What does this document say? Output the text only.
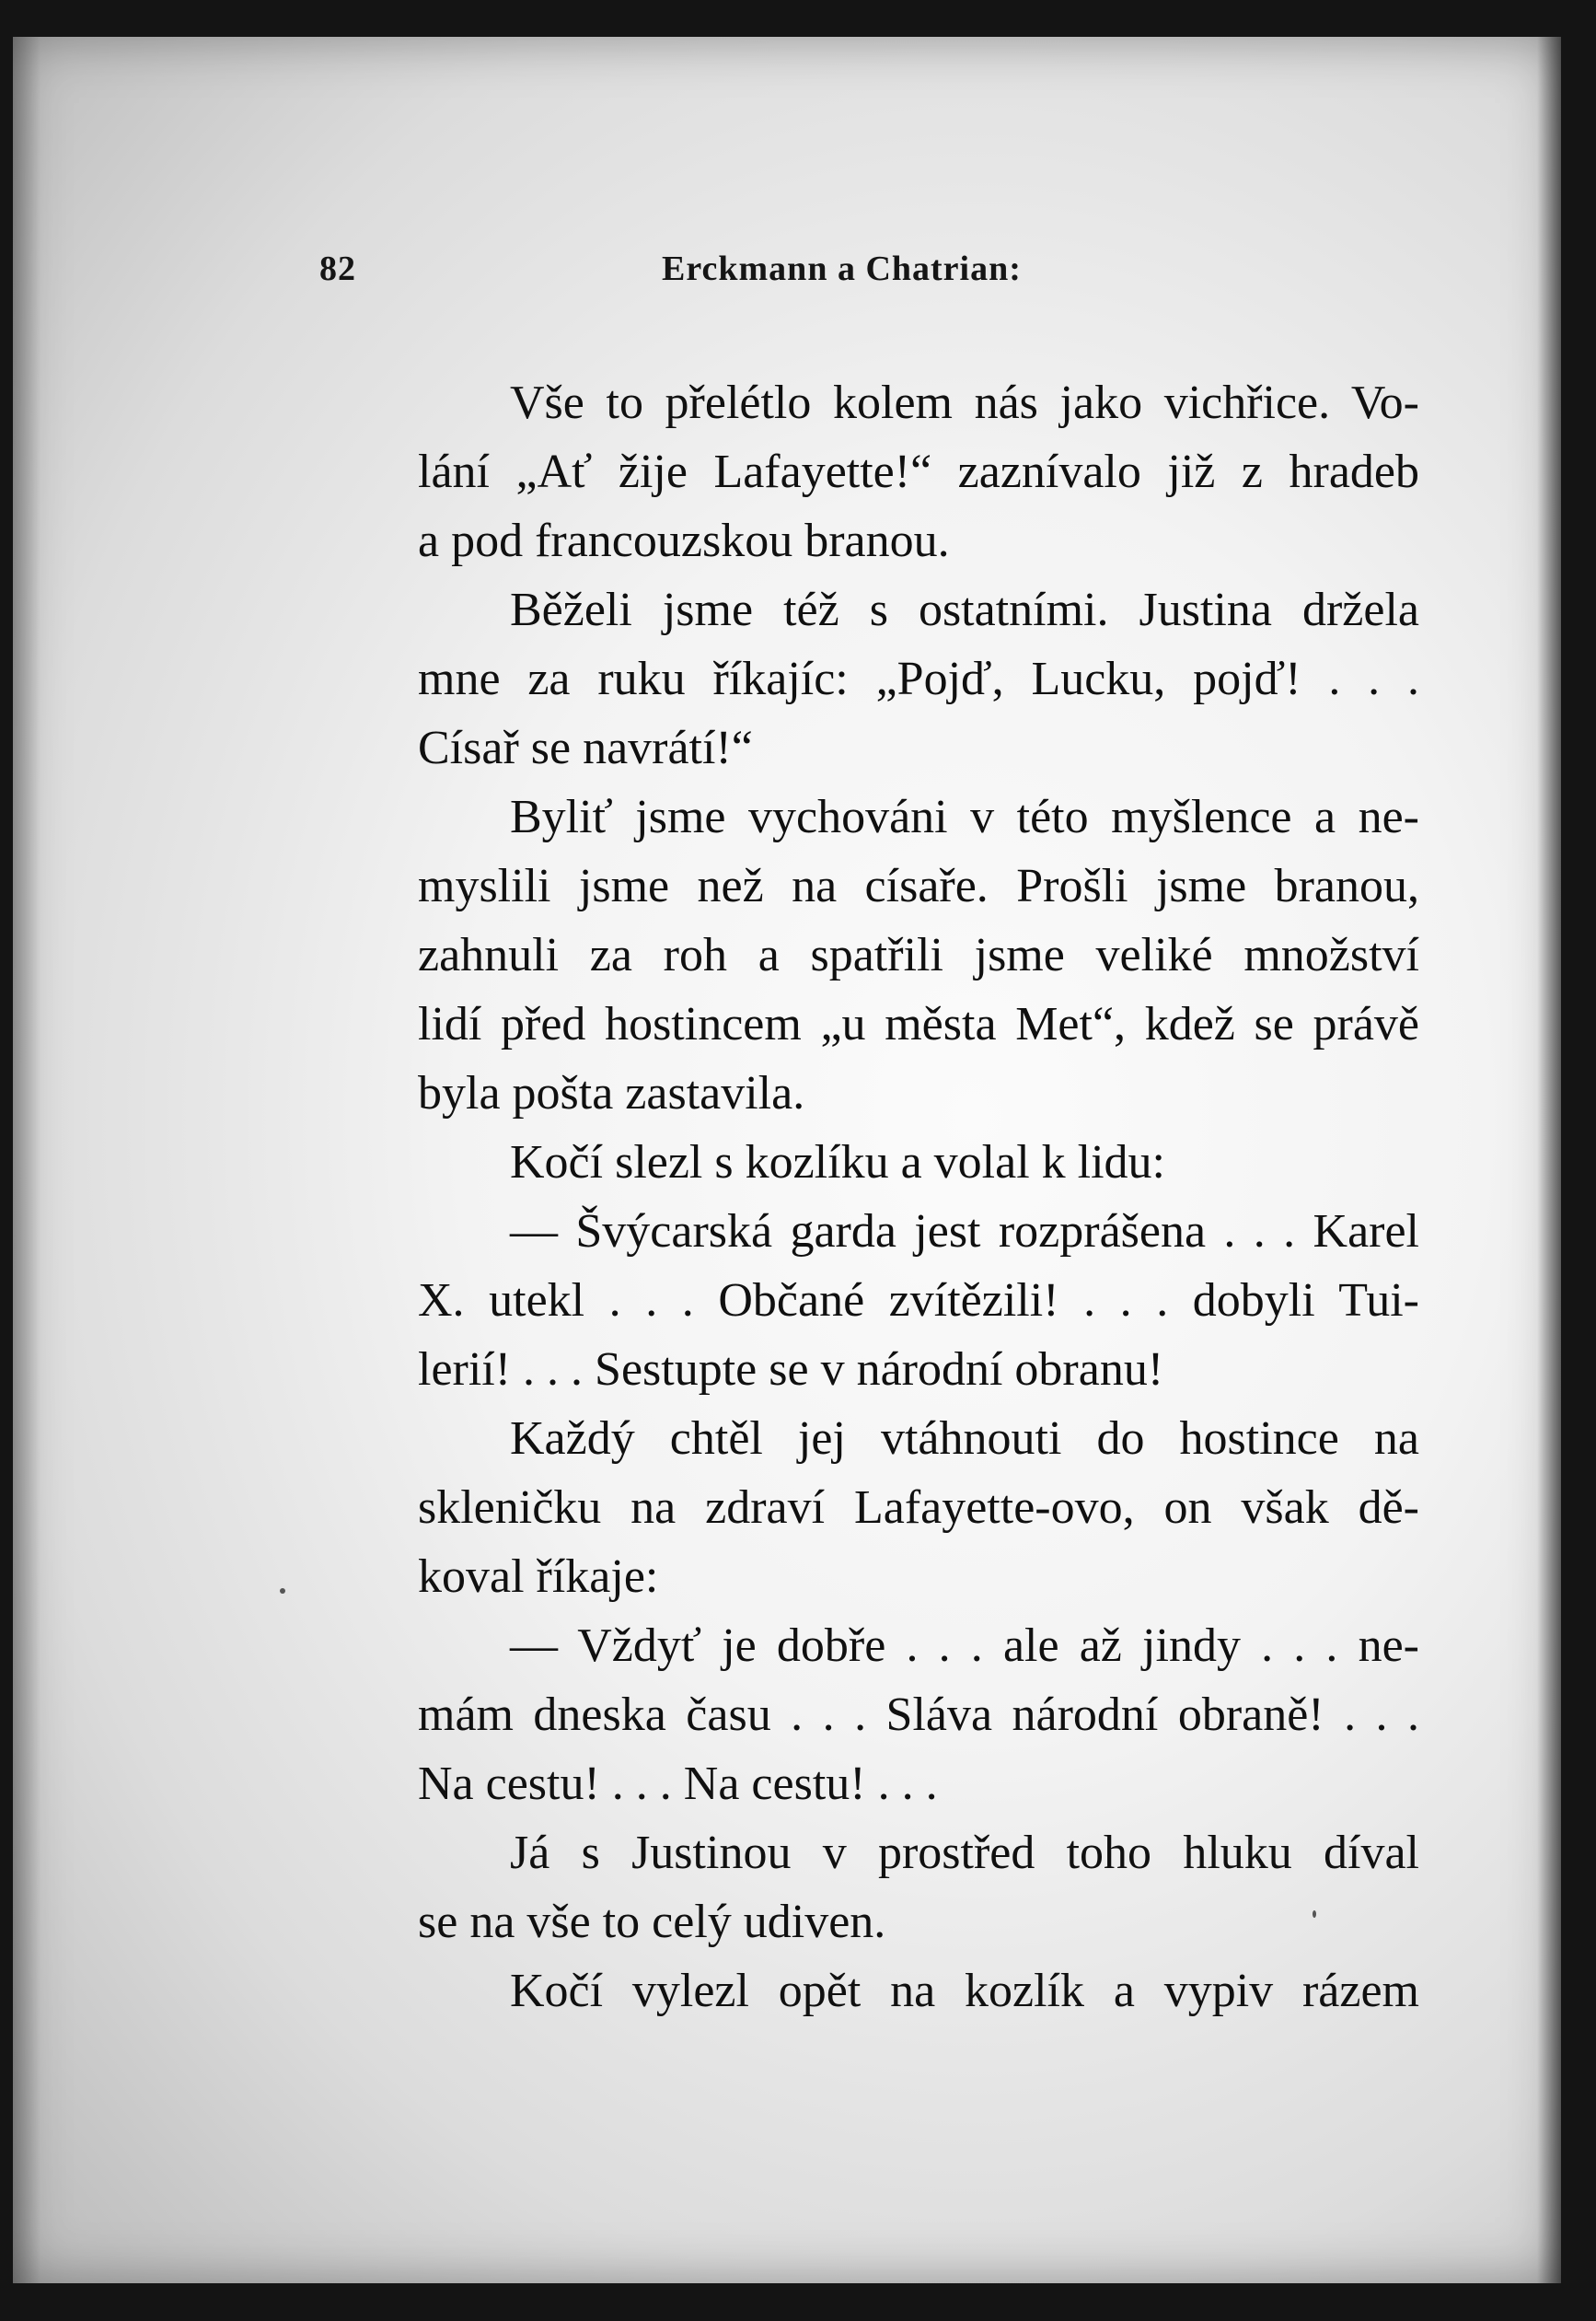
82	Erckmann a Chatrian:
Vše to přelétlo kolem nás jako vichřice. Vo-
lání „Ať žije Lafayette!“ zaznívalo již z hradeb
a pod francouzskou branou.
Běželi jsme též s ostatními. Justina držela
mne za ruku říkajíc: „Pojď, Lucku, pojď! . . .
Císař se navrátí!“
Byliť jsme vychováni v této myšlence a ne-
myslili jsme než na císaře. Prošli jsme branou,
zahnuli za roh a spatřili jsme veliké množství
lidí před hostincem „u města Met“, kdež se právě
byla pošta zastavila.
Kočí slezl s kozlíku a volal k lidu:
— Švýcarská garda jest rozprášena . . . Karel
X. utekl . . . Občané zvítězili! . . . dobyli Tui-
lerií! . . . Sestupte se v národní obranu!
Každý chtěl jej vtáhnouti do hostince na
skleničku na zdraví Lafayette-ovo, on však dě-
koval říkaje:
— Vždyť je dobře . . . ale až jindy . . . ne-
mám dneska času . . . Sláva národní obraně! . . .
Na cestu! . . . Na cestu! . . .
Já s Justinou v prostřed toho hluku díval
se na vše to celý udiven.
Kočí vylezl opět na kozlík a vypiv rázem
